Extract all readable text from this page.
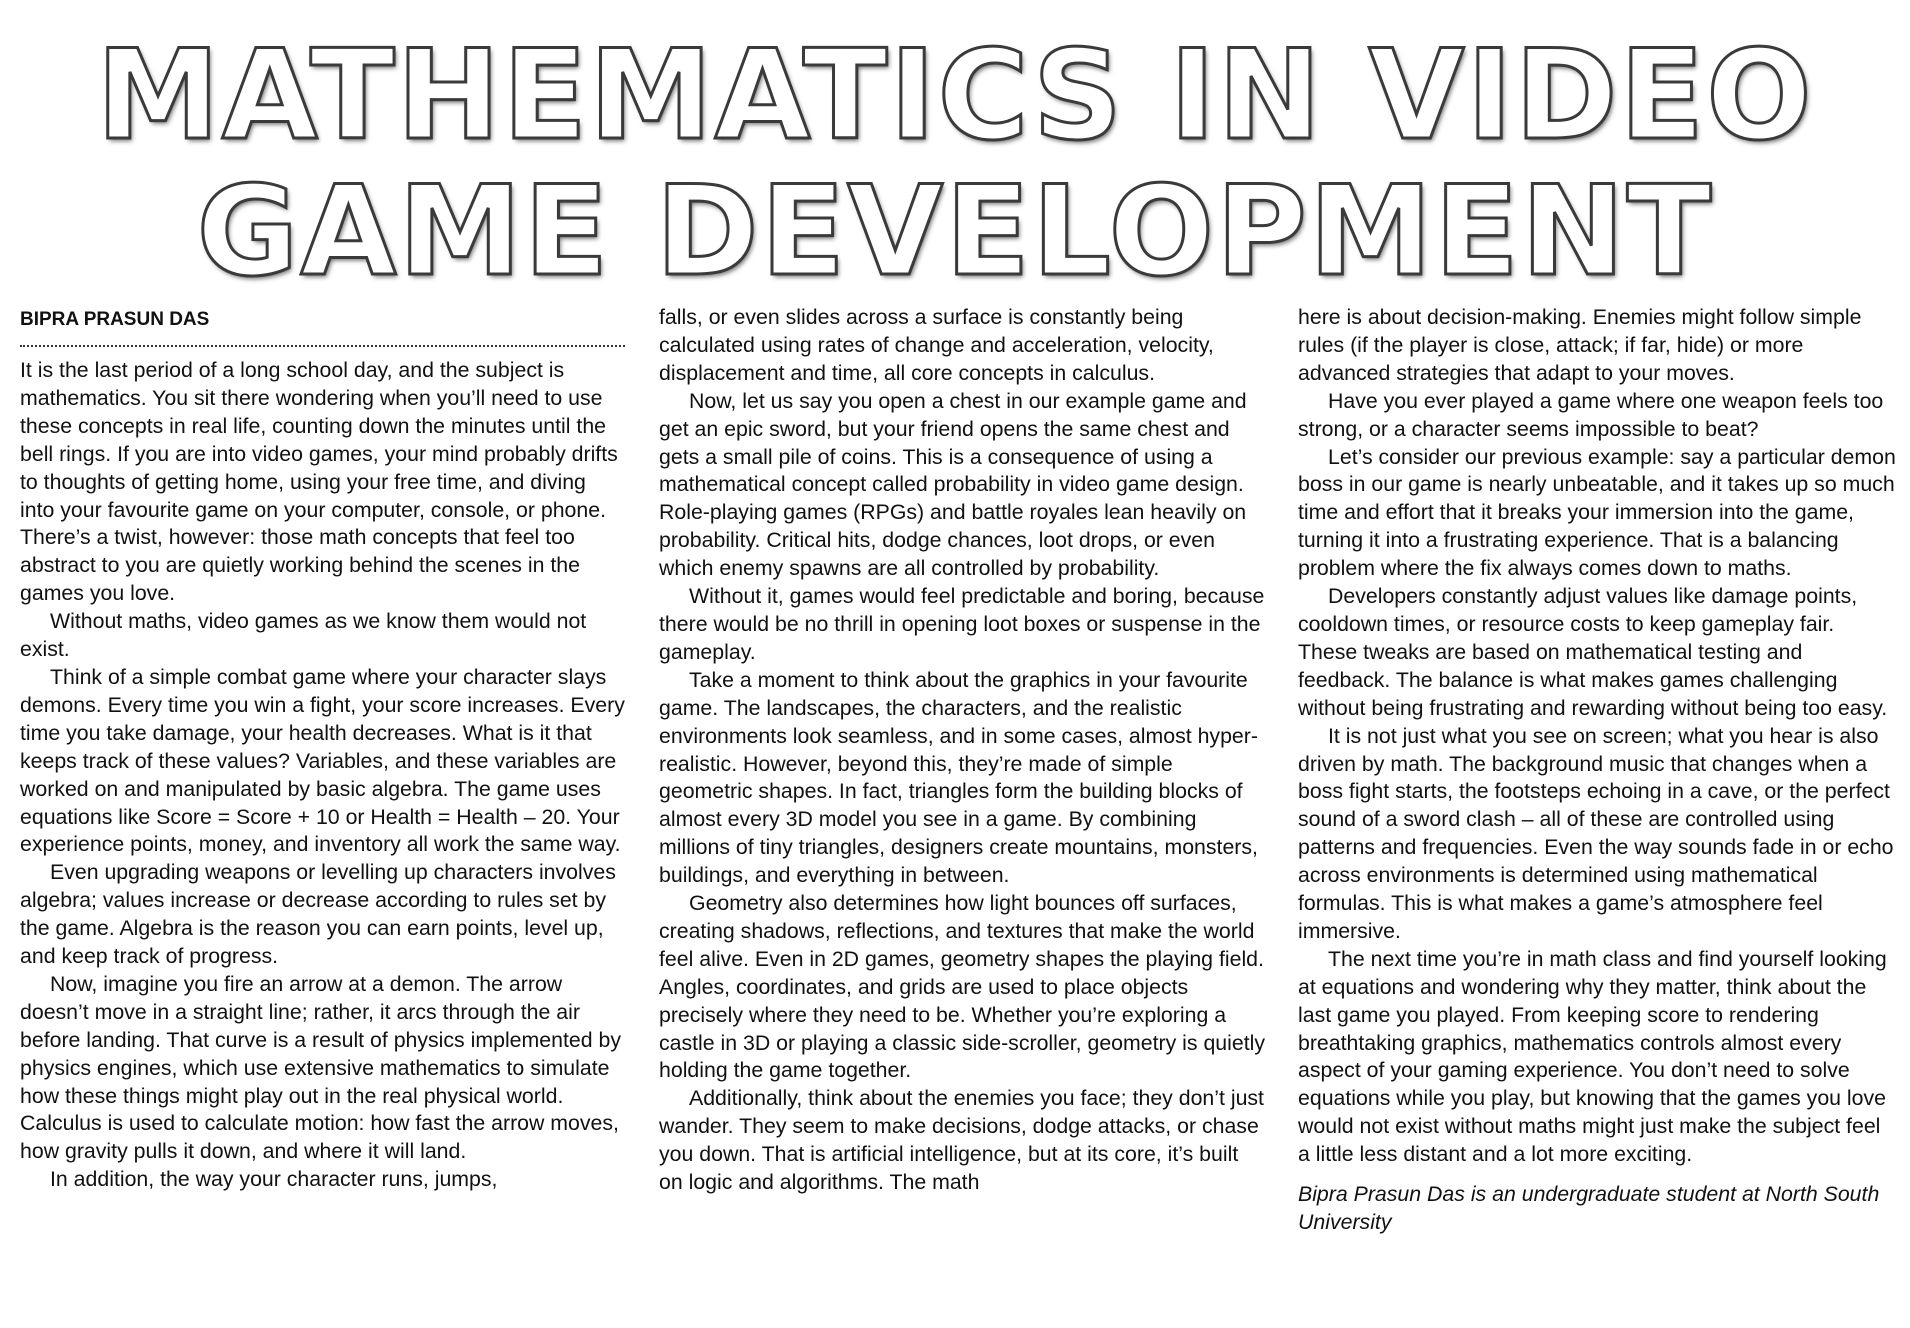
MATHEMATICS IN VIDEO
GAME DEVELOPMENT
BIPRA PRASUN DAS

It is the last period of a long school day, and the subject is mathematics. You sit there wondering when you’ll need to use these concepts in real life, counting down the minutes until the bell rings. If you are into video games, your mind probably drifts to thoughts of getting home, using your free time, and diving into your favourite game on your computer, console, or phone. There’s a twist, however: those math concepts that feel too abstract to you are quietly working behind the scenes in the games you love.

Without maths, video games as we know them would not exist.

Think of a simple combat game where your character slays demons. Every time you win a fight, your score increases. Every time you take damage, your health decreases. What is it that keeps track of these values? Variables, and these variables are worked on and manipulated by basic algebra. The game uses equations like Score = Score + 10 or Health = Health – 20. Your experience points, money, and inventory all work the same way.

Even upgrading weapons or levelling up characters involves algebra; values increase or decrease according to rules set by the game. Algebra is the reason you can earn points, level up, and keep track of progress.

Now, imagine you fire an arrow at a demon. The arrow doesn’t move in a straight line; rather, it arcs through the air before landing. That curve is a result of physics implemented by physics engines, which use extensive mathematics to simulate how these things might play out in the real physical world. Calculus is used to calculate motion: how fast the arrow moves, how gravity pulls it down, and where it will land.

In addition, the way your character runs, jumps,

falls, or even slides across a surface is constantly being calculated using rates of change and acceleration, velocity, displacement and time, all core concepts in calculus.

Now, let us say you open a chest in our example game and get an epic sword, but your friend opens the same chest and gets a small pile of coins. This is a consequence of using a mathematical concept called probability in video game design. Role-playing games (RPGs) and battle royales lean heavily on probability. Critical hits, dodge chances, loot drops, or even which enemy spawns are all controlled by probability.

Without it, games would feel predictable and boring, because there would be no thrill in opening loot boxes or suspense in the gameplay.

Take a moment to think about the graphics in your favourite game. The landscapes, the characters, and the realistic environments look seamless, and in some cases, almost hyper-realistic. However, beyond this, they’re made of simple geometric shapes. In fact, triangles form the building blocks of almost every 3D model you see in a game. By combining millions of tiny triangles, designers create mountains, monsters, buildings, and everything in between.

Geometry also determines how light bounces off surfaces, creating shadows, reflections, and textures that make the world feel alive. Even in 2D games, geometry shapes the playing field. Angles, coordinates, and grids are used to place objects precisely where they need to be. Whether you’re exploring a castle in 3D or playing a classic side-scroller, geometry is quietly holding the game together.

Additionally, think about the enemies you face; they don’t just wander. They seem to make decisions, dodge attacks, or chase you down. That is artificial intelligence, but at its core, it’s built on logic and algorithms. The math

here is about decision-making. Enemies might follow simple rules (if the player is close, attack; if far, hide) or more advanced strategies that adapt to your moves.

Have you ever played a game where one weapon feels too strong, or a character seems impossible to beat?

Let’s consider our previous example: say a particular demon boss in our game is nearly unbeatable, and it takes up so much time and effort that it breaks your immersion into the game, turning it into a frustrating experience. That is a balancing problem where the fix always comes down to maths.

Developers constantly adjust values like damage points, cooldown times, or resource costs to keep gameplay fair. These tweaks are based on mathematical testing and feedback. The balance is what makes games challenging without being frustrating and rewarding without being too easy.

It is not just what you see on screen; what you hear is also driven by math. The background music that changes when a boss fight starts, the footsteps echoing in a cave, or the perfect sound of a sword clash – all of these are controlled using patterns and frequencies. Even the way sounds fade in or echo across environments is determined using mathematical formulas. This is what makes a game’s atmosphere feel immersive.

The next time you’re in math class and find yourself looking at equations and wondering why they matter, think about the last game you played. From keeping score to rendering breathtaking graphics, mathematics controls almost every aspect of your gaming experience. You don’t need to solve equations while you play, but knowing that the games you love would not exist without maths might just make the subject feel a little less distant and a lot more exciting.

Bipra Prasun Das is an undergraduate student at North South University
